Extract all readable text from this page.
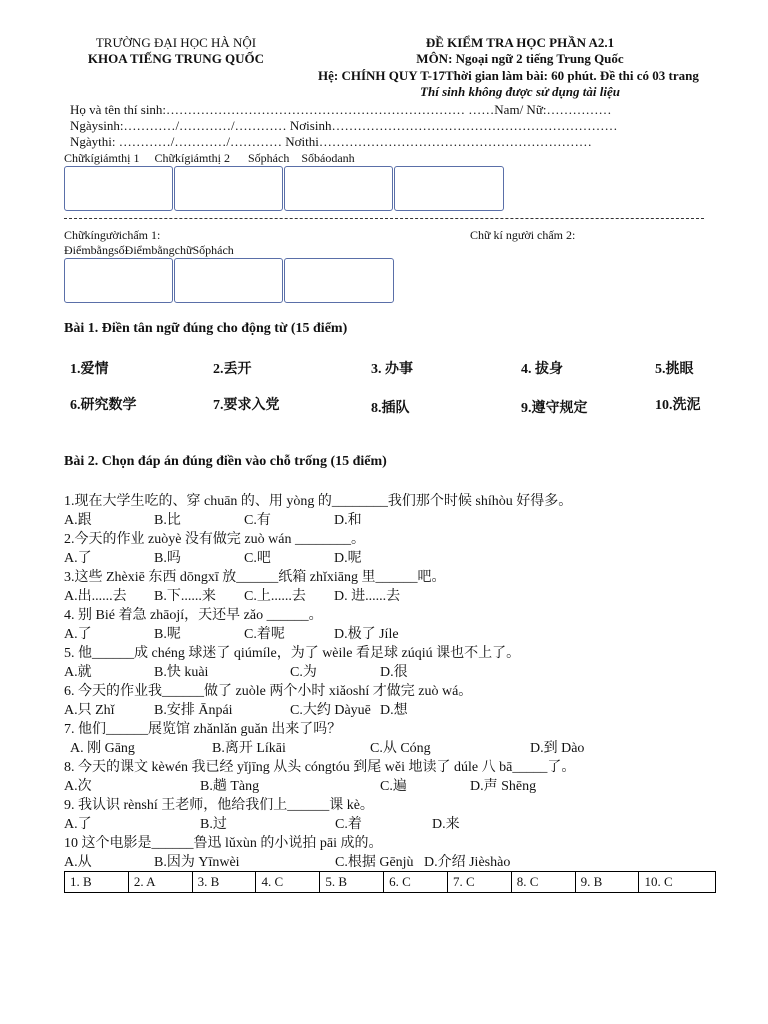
TRƯỜNG ĐẠI HỌC HÀ NỘI
KHOA TIẾNG TRUNG QUỐC
ĐỀ KIỂM TRA HỌC PHẦN A2.1
MÔN: Ngoại ngữ 2 tiếng Trung Quốc
Hệ: CHÍNH QUY T-17Thời gian làm bài: 60 phút. Đề thi có 03 trang
Thí sinh không được sử dụng tài liệu
Họ và tên thí sinh:…………………………………………………………… ……Nam/ Nữ:……………
Ngàysinh:…………/…………/………… Nơisinh…………………………………………………………
Ngàythi: …………/…………/………… Nơithi………………………………………………………
Chữkígiámthị 1     Chữkígiámthị 2      Sốphách    Sốbáodanh
Chữkíngườichấm 1:	Chữ kí người chấm 2:
ĐiểmbằngsốĐiểmbằngchữSốphách
Bài 1. Điền tân ngữ đúng cho động từ (15 điểm)
1.爱情	2.丢开	3. 办事	4. 拔身	5.挑眼
6.研究数学	7.要求入党	8.插队	9.遵守规定	10.洗泥
Bài 2. Chọn đáp án đúng điền vào chỗ trống (15 điểm)
1.现在大学生吃的、穿 chuān 的、用 yòng 的________我们那个时候 shíhòu 好得多。
A.跟	B.比	C.有	D.和
2.今天的作业 zuòyè 没有做完 zuò wán ________。
A.了	B.吗	C.吧	D.呢
3.这些 Zhèxiē 东西 dōngxī 放______纸箱 zhǐxiāng 里______吧。
A.出......去 B.下......来 C.上......去 D. 进......去
4. 别 Bié 着急 zhāojí，天还早 zǎo ______。
A.了	B.呢	C.着呢	D.极了 Jíle
5. 他______成 chéng 球迷了 qiúmíle，为了 wèile 看足球 zúqiú 课也不上了。
A.就	B.快 kuài	C.为	D.很
6. 今天的作业我______做了 zuòle 两个小时 xiǎoshí 才做完 zuò wá。
A.只 Zhǐ	B.安排 Ānpái	C.大约 Dàyuē D.想
7. 他们______展览馆 zhǎnlǎn guǎn 出来了吗？
A. 刚 Gāng	B.离开 Líkāi	C.从 Cóng	D.到 Dào
8. 今天的课文 kèwén 我已经 yǐjīng 从头 cóngtóu 到尾 wěi 地读了 dúle 八 bā_____了。
A.次	B.趟 Tàng	C.遍	D.声 Shēng
9. 我认识 rènshí 王老师，他给我们上______课 kè。
A.了	B.过	C.着	D.来
10 这个电影是______鲁迅 lǔxùn 的小说拍 pāi 成的。
A.从	B.因为 Yīnwèi	C.根据 Gēnjù D.介绍 Jièshào
1. B	2. A	3. B	4. C	5. B	6. C	7. C	8. C	9. B	10. C
